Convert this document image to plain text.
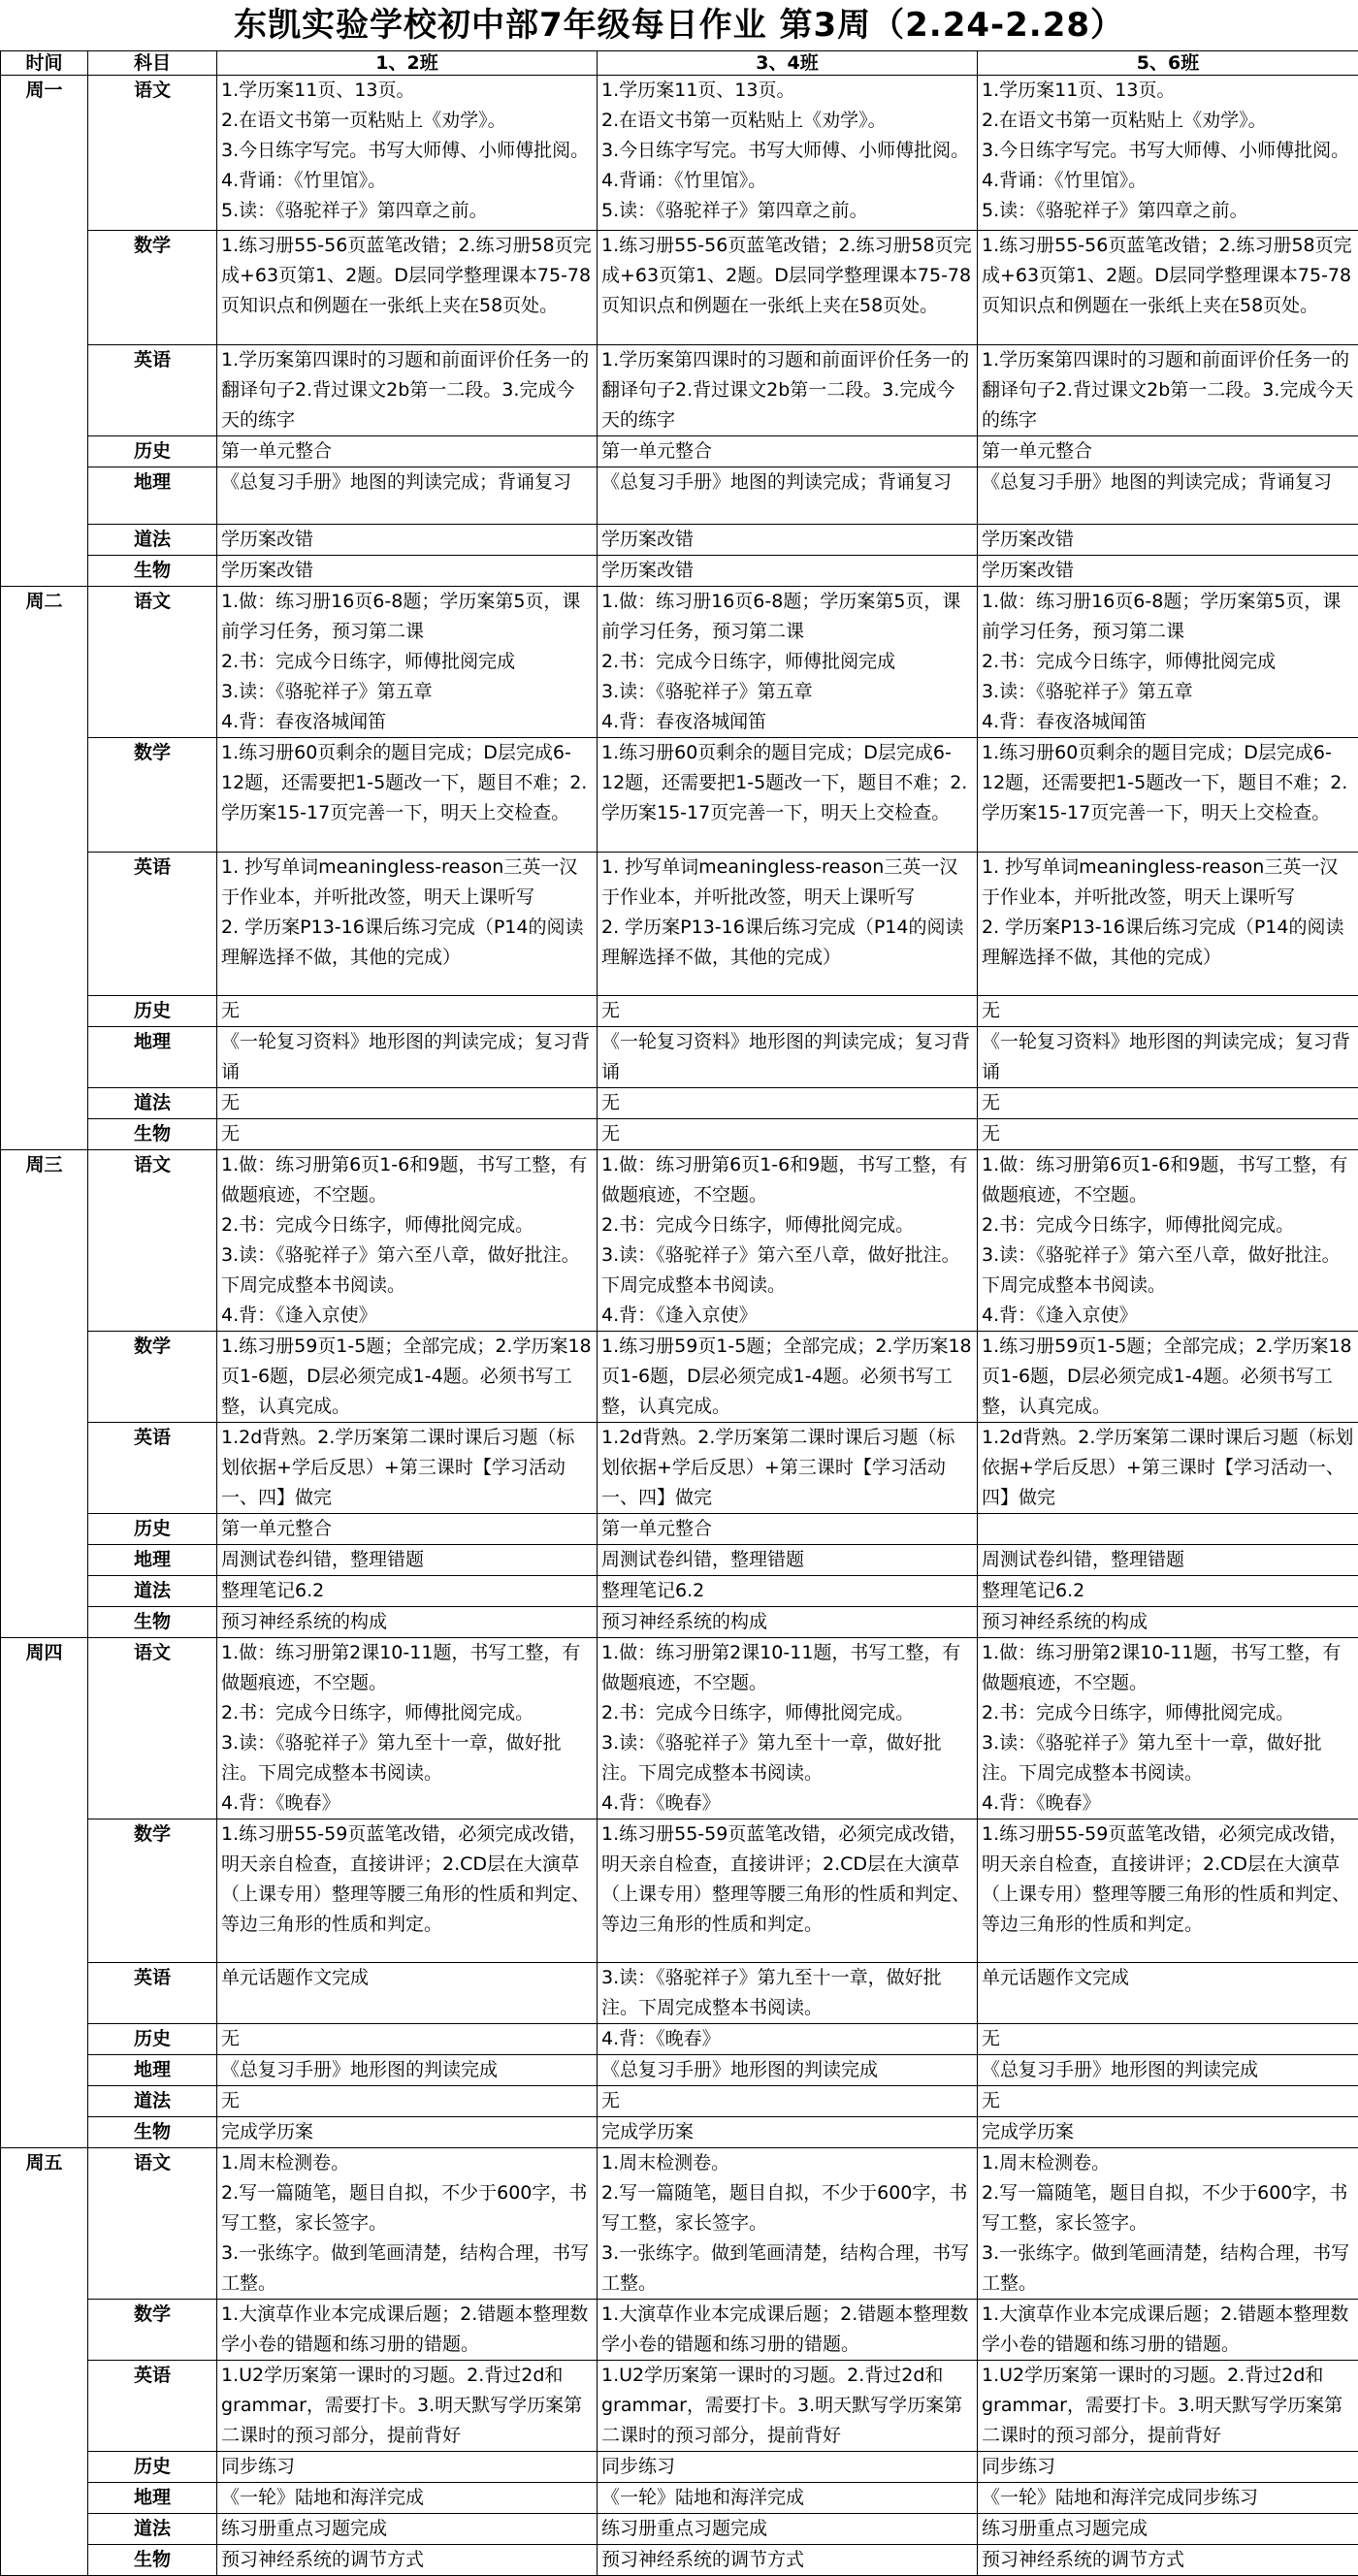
东凯实验学校初中部7年级每日作业 第3周（2.24-2.28）
时间	科目	1、2班	3、4班	5、6班
周一	语文	1.学历案11页、13页。
2.在语文书第一页粘贴上《劝学》。
3.今日练字写完。书写大师傅、小师傅批阅。
4.背诵：《竹里馆》。
5.读：《骆驼祥子》第四章之前。	1.学历案11页、13页。
2.在语文书第一页粘贴上《劝学》。
3.今日练字写完。书写大师傅、小师傅批阅。
4.背诵：《竹里馆》。
5.读：《骆驼祥子》第四章之前。	1.学历案11页、13页。
2.在语文书第一页粘贴上《劝学》。
3.今日练字写完。书写大师傅、小师傅批阅。
4.背诵：《竹里馆》。
5.读：《骆驼祥子》第四章之前。
	数学	1.练习册55-56页蓝笔改错；2.练习册58页完成+63页第1、2题。D层同学整理课本75-78页知识点和例题在一张纸上夹在58页处。	1.练习册55-56页蓝笔改错；2.练习册58页完成+63页第1、2题。D层同学整理课本75-78页知识点和例题在一张纸上夹在58页处。	1.练习册55-56页蓝笔改错；2.练习册58页完成+63页第1、2题。D层同学整理课本75-78页知识点和例题在一张纸上夹在58页处。
	英语	1.学历案第四课时的习题和前面评价任务一的翻译句子2.背过课文2b第一二段。3.完成今天的练字	1.学历案第四课时的习题和前面评价任务一的翻译句子2.背过课文2b第一二段。3.完成今天的练字	1.学历案第四课时的习题和前面评价任务一的翻译句子2.背过课文2b第一二段。3.完成今天的练字
	历史	第一单元整合	第一单元整合	第一单元整合
	地理	《总复习手册》地图的判读完成；背诵复习	《总复习手册》地图的判读完成；背诵复习	《总复习手册》地图的判读完成；背诵复习
	道法	学历案改错	学历案改错	学历案改错
	生物	学历案改错	学历案改错	学历案改错
周二	语文	1.做：练习册16页6-8题；学历案第5页，课前学习任务，预习第二课
2.书：完成今日练字，师傅批阅完成
3.读：《骆驼祥子》第五章
4.背：春夜洛城闻笛	1.做：练习册16页6-8题；学历案第5页，课前学习任务，预习第二课
2.书：完成今日练字，师傅批阅完成
3.读：《骆驼祥子》第五章
4.背：春夜洛城闻笛	1.做：练习册16页6-8题；学历案第5页，课前学习任务，预习第二课
2.书：完成今日练字，师傅批阅完成
3.读：《骆驼祥子》第五章
4.背：春夜洛城闻笛
	数学	1.练习册60页剩余的题目完成；D层完成6-12题，还需要把1-5题改一下，题目不难；2.学历案15-17页完善一下，明天上交检查。	1.练习册60页剩余的题目完成；D层完成6-12题，还需要把1-5题改一下，题目不难；2.学历案15-17页完善一下，明天上交检查。	1.练习册60页剩余的题目完成；D层完成6-12题，还需要把1-5题改一下，题目不难；2.学历案15-17页完善一下，明天上交检查。
	英语	1. 抄写单词meaningless-reason三英一汉于作业本，并听批改签，明天上课听写
2. 学历案P13-16课后练习完成（P14的阅读理解选择不做，其他的完成）	1. 抄写单词meaningless-reason三英一汉于作业本，并听批改签，明天上课听写
2. 学历案P13-16课后练习完成（P14的阅读理解选择不做，其他的完成）	1. 抄写单词meaningless-reason三英一汉于作业本，并听批改签，明天上课听写
2. 学历案P13-16课后练习完成（P14的阅读理解选择不做，其他的完成）
	历史	无	无	无
	地理	《一轮复习资料》地形图的判读完成；复习背诵	《一轮复习资料》地形图的判读完成；复习背诵	《一轮复习资料》地形图的判读完成；复习背诵
	道法	无	无	无
	生物	无	无	无
周三	语文	1.做：练习册第6页1-6和9题，书写工整，有做题痕迹，不空题。
2.书：完成今日练字，师傅批阅完成。
3.读：《骆驼祥子》第六至八章，做好批注。下周完成整本书阅读。
4.背：《逢入京使》	1.做：练习册第6页1-6和9题，书写工整，有做题痕迹，不空题。
2.书：完成今日练字，师傅批阅完成。
3.读：《骆驼祥子》第六至八章，做好批注。下周完成整本书阅读。
4.背：《逢入京使》	1.做：练习册第6页1-6和9题，书写工整，有做题痕迹，不空题。
2.书：完成今日练字，师傅批阅完成。
3.读：《骆驼祥子》第六至八章，做好批注。下周完成整本书阅读。
4.背：《逢入京使》
	数学	1.练习册59页1-5题；全部完成；2.学历案18页1-6题，D层必须完成1-4题。必须书写工整，认真完成。	1.练习册59页1-5题；全部完成；2.学历案18页1-6题，D层必须完成1-4题。必须书写工整，认真完成。	1.练习册59页1-5题；全部完成；2.学历案18页1-6题，D层必须完成1-4题。必须书写工整，认真完成。
	英语	1.2d背熟。2.学历案第二课时课后习题（标划依据+学后反思）+第三课时【学习活动一、四】做完	1.2d背熟。2.学历案第二课时课后习题（标划依据+学后反思）+第三课时【学习活动一、四】做完	1.2d背熟。2.学历案第二课时课后习题（标划依据+学后反思）+第三课时【学习活动一、四】做完
	历史	第一单元整合	第一单元整合	
	地理	周测试卷纠错，整理错题	周测试卷纠错，整理错题	周测试卷纠错，整理错题
	道法	整理笔记6.2	整理笔记6.2	整理笔记6.2
	生物	预习神经系统的构成	预习神经系统的构成	预习神经系统的构成
周四	语文	1.做：练习册第2课10-11题，书写工整，有做题痕迹，不空题。
2.书：完成今日练字，师傅批阅完成。
3.读：《骆驼祥子》第九至十一章，做好批注。下周完成整本书阅读。
4.背：《晚春》	1.做：练习册第2课10-11题，书写工整，有做题痕迹，不空题。
2.书：完成今日练字，师傅批阅完成。
3.读：《骆驼祥子》第九至十一章，做好批注。下周完成整本书阅读。
4.背：《晚春》	1.做：练习册第2课10-11题，书写工整，有做题痕迹，不空题。
2.书：完成今日练字，师傅批阅完成。
3.读：《骆驼祥子》第九至十一章，做好批注。下周完成整本书阅读。
4.背：《晚春》
	数学	1.练习册55-59页蓝笔改错，必须完成改错，明天亲自检查，直接讲评；2.CD层在大演草（上课专用）整理等腰三角形的性质和判定、等边三角形的性质和判定。	1.练习册55-59页蓝笔改错，必须完成改错，明天亲自检查，直接讲评；2.CD层在大演草（上课专用）整理等腰三角形的性质和判定、等边三角形的性质和判定。	1.练习册55-59页蓝笔改错，必须完成改错，明天亲自检查，直接讲评；2.CD层在大演草（上课专用）整理等腰三角形的性质和判定、等边三角形的性质和判定。
	英语	单元话题作文完成	3.读：《骆驼祥子》第九至十一章，做好批注。下周完成整本书阅读。	单元话题作文完成
	历史	无	4.背：《晚春》	无
	地理	《总复习手册》地形图的判读完成	《总复习手册》地形图的判读完成	《总复习手册》地形图的判读完成
	道法	无	无	无
	生物	完成学历案	完成学历案	完成学历案
周五	语文	1.周末检测卷。
2.写一篇随笔，题目自拟，不少于600字，书写工整，家长签字。
3.一张练字。做到笔画清楚，结构合理，书写工整。	1.周末检测卷。
2.写一篇随笔，题目自拟，不少于600字，书写工整，家长签字。
3.一张练字。做到笔画清楚，结构合理，书写工整。	1.周末检测卷。
2.写一篇随笔，题目自拟，不少于600字，书写工整，家长签字。
3.一张练字。做到笔画清楚，结构合理，书写工整。
	数学	1.大演草作业本完成课后题；2.错题本整理数学小卷的错题和练习册的错题。	1.大演草作业本完成课后题；2.错题本整理数学小卷的错题和练习册的错题。	1.大演草作业本完成课后题；2.错题本整理数学小卷的错题和练习册的错题。
	英语	1.U2学历案第一课时的习题。2.背过2d和grammar，需要打卡。3.明天默写学历案第二课时的预习部分，提前背好	1.U2学历案第一课时的习题。2.背过2d和grammar，需要打卡。3.明天默写学历案第二课时的预习部分，提前背好	1.U2学历案第一课时的习题。2.背过2d和grammar，需要打卡。3.明天默写学历案第二课时的预习部分，提前背好
	历史	同步练习	同步练习	同步练习
	地理	《一轮》陆地和海洋完成	《一轮》陆地和海洋完成	《一轮》陆地和海洋完成同步练习
	道法	练习册重点习题完成	练习册重点习题完成	练习册重点习题完成
	生物	预习神经系统的调节方式	预习神经系统的调节方式	预习神经系统的调节方式
